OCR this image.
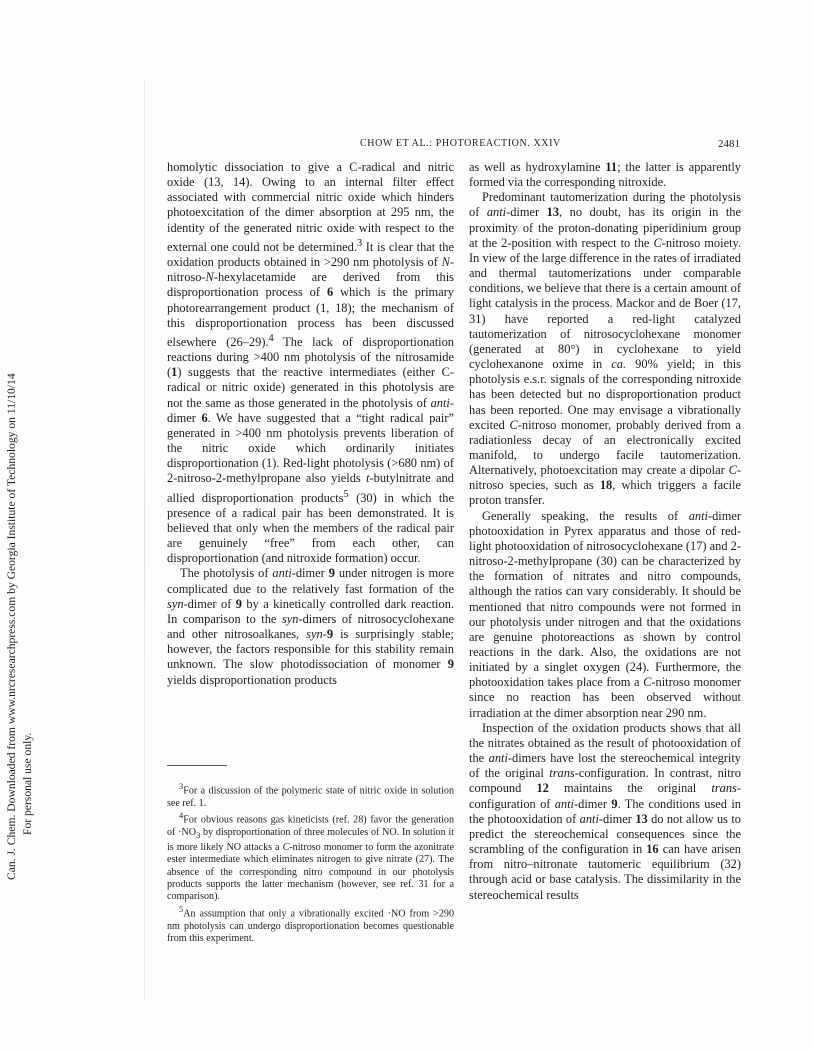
Can. J. Chem. Downloaded from www.nrcresearchpress.com by Georgia Institute of Technology on 11/10/14 For personal use only.
CHOW ET AL.: PHOTOREACTION. XXIV	2481

homolytic dissociation to give a C-radical and nitric oxide (13, 14). Owing to an internal filter effect associated with commercial nitric oxide which hinders photoexcitation of the dimer absorption at 295 nm, the identity of the generated nitric oxide with respect to the external one could not be determined.$^3$ It is clear that the oxidation products obtained in >290 nm photolysis of N-nitroso-N-hexylacetamide are derived from this disproportionation process of 6 which is the primary photorearrangement product (1, 18); the mechanism of this disproportionation process has been discussed elsewhere (26–29).$^4$ The lack of disproportionation reactions during >400 nm photolysis of the nitrosamide (1) suggests that the reactive intermediates (either C-radical or nitric oxide) generated in this photolysis are not the same as those generated in the photolysis of anti-dimer 6. We have suggested that a “tight radical pair” generated in >400 nm photolysis prevents liberation of the nitric oxide which ordinarily initiates disproportionation (1). Red-light photolysis (>680 nm) of 2-nitroso-2-methylpropane also yields t-butylnitrate and allied disproportionation products$^5$ (30) in which the presence of a radical pair has been demonstrated. It is believed that only when the members of the radical pair are genuinely “free” from each other, can disproportionation (and nitroxide formation) occur.

The photolysis of anti-dimer 9 under nitrogen is more complicated due to the relatively fast formation of the syn-dimer of 9 by a kinetically controlled dark reaction. In comparison to the syn-dimers of nitrosocyclohexane and other nitrosoalkanes, syn-9 is surprisingly stable; however, the factors responsible for this stability remain unknown. The slow photodissociation of monomer 9 yields disproportionation products

as well as hydroxylamine 11; the latter is apparently formed via the corresponding nitroxide.

Predominant tautomerization during the photolysis of anti-dimer 13, no doubt, has its origin in the proximity of the proton-donating piperidinium group at the 2-position with respect to the C-nitroso moiety. In view of the large difference in the rates of irradiated and thermal tautomerizations under comparable conditions, we believe that there is a certain amount of light catalysis in the process. Mackor and de Boer (17, 31) have reported a red-light catalyzed tautomerization of nitrosocyclohexane monomer (generated at 80°) in cyclohexane to yield cyclohexanone oxime in ca. 90% yield; in this photolysis e.s.r. signals of the corresponding nitroxide has been detected but no disproportionation product has been reported. One may envisage a vibrationally excited C-nitroso monomer, probably derived from a radiationless decay of an electronically excited manifold, to undergo facile tautomerization. Alternatively, photoexcitation may create a dipolar C-nitroso species, such as 18, which triggers a facile proton transfer.

Generally speaking, the results of anti-dimer photooxidation in Pyrex apparatus and those of red-light photooxidation of nitrosocyclohexane (17) and 2-nitroso-2-methylpropane (30) can be characterized by the formation of nitrates and nitro compounds, although the ratios can vary considerably. It should be mentioned that nitro compounds were not formed in our photolysis under nitrogen and that the oxidations are genuine photoreactions as shown by control reactions in the dark. Also, the oxidations are not initiated by a singlet oxygen (24). Furthermore, the photooxidation takes place from a C-nitroso monomer since no reaction has been observed without irradiation at the dimer absorption near 290 nm.

Inspection of the oxidation products shows that all the nitrates obtained as the result of photooxidation of the anti-dimers have lost the stereochemical integrity of the original trans-configuration. In contrast, nitro compound 12 maintains the original trans-configuration of anti-dimer 9. The conditions used in the photooxidation of anti-dimer 13 do not allow us to predict the stereochemical consequences since the scrambling of the configuration in 16 can have arisen from nitro–nitronate tautomeric equilibrium (32) through acid or base catalysis. The dissimilarity in the stereochemical results

$^3$For a discussion of the polymeric state of nitric oxide in solution see ref. 1.

$^4$For obvious reasons gas kineticists (ref. 28) favor the generation of $\cdot NO_3$ by disproportionation of three molecules of NO. In solution it is more likely NO attacks a C-nitroso monomer to form the azonitrate ester intermediate which eliminates nitrogen to give nitrate (27). The absence of the corresponding nitro compound in our photolysis products supports the latter mechanism (however, see ref. 31 for a comparison).

$^5$An assumption that only a vibrationally excited ·NO from >290 nm photolysis can undergo disproportionation becomes questionable from this experiment.
